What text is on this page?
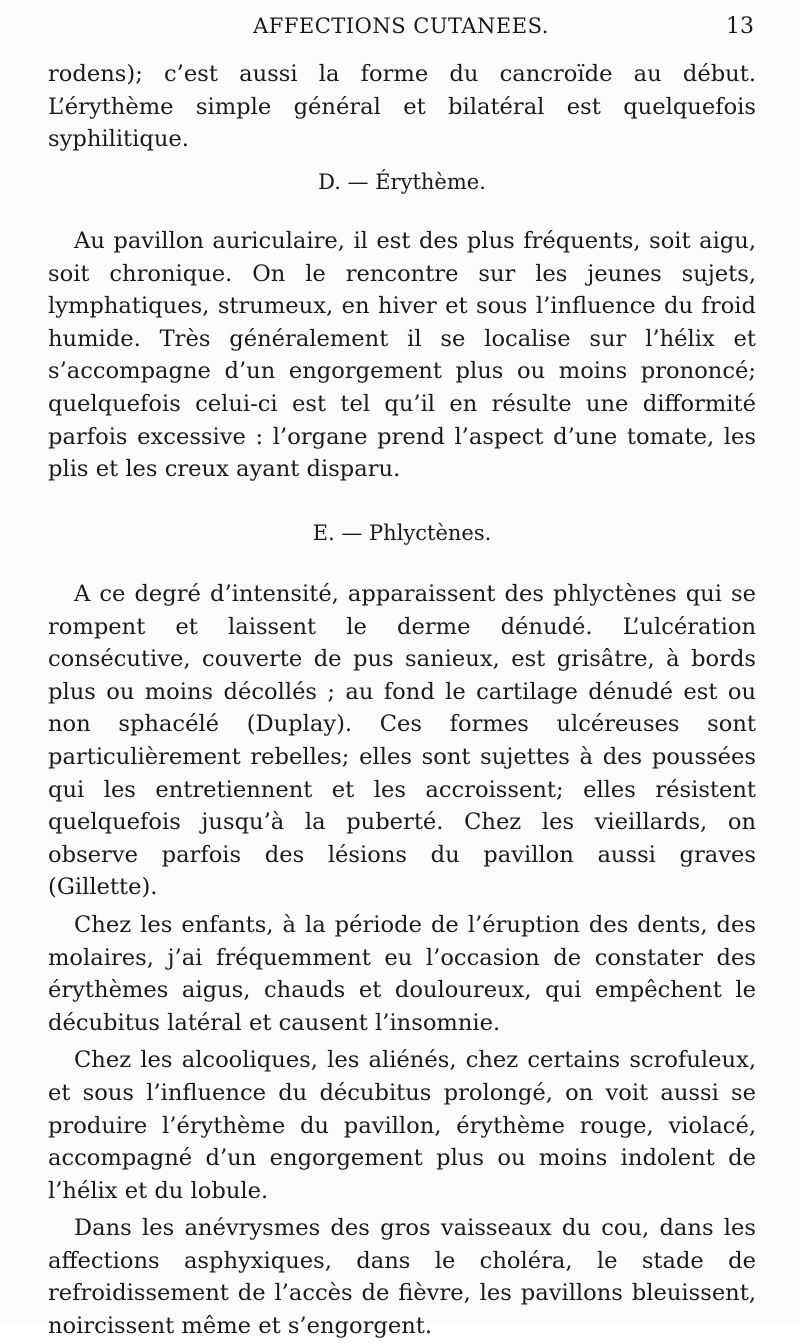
AFFECTIONS CUTANEES.	13

rodens); c’est aussi la forme du cancroïde au début. L’érythème simple général et bilatéral est quelquefois syphilitique.

D. — Érythème.

Au pavillon auriculaire, il est des plus fréquents, soit aigu, soit chronique. On le rencontre sur les jeunes sujets, lymphatiques, strumeux, en hiver et sous l’influence du froid humide. Très généralement il se localise sur l’hélix et s’accompagne d’un engorgement plus ou moins prononcé; quelquefois celui-ci est tel qu’il en résulte une difformité parfois excessive : l’organe prend l’aspect d’une tomate, les plis et les creux ayant disparu.

E. — Phlyctènes.

A ce degré d’intensité, apparaissent des phlyctènes qui se rompent et laissent le derme dénudé. L’ulcération consécutive, couverte de pus sanieux, est grisâtre, à bords plus ou moins décollés ; au fond le cartilage dénudé est ou non sphacélé (Duplay). Ces formes ulcéreuses sont particulièrement rebelles; elles sont sujettes à des poussées qui les entretiennent et les accroissent; elles résistent quelquefois jusqu’à la puberté. Chez les vieillards, on observe parfois des lésions du pavillon aussi graves (Gillette).

Chez les enfants, à la période de l’éruption des dents, des molaires, j’ai fréquemment eu l’occasion de constater des érythèmes aigus, chauds et douloureux, qui empêchent le décubitus latéral et causent l’insomnie.

Chez les alcooliques, les aliénés, chez certains scrofuleux, et sous l’influence du décubitus prolongé, on voit aussi se produire l’érythème du pavillon, érythème rouge, violacé, accompagné d’un engorgement plus ou moins indolent de l’hélix et du lobule.

Dans les anévrysmes des gros vaisseaux du cou, dans les affections asphyxiques, dans le choléra, le stade de refroidissement de l’accès de fièvre, les pavillons bleuissent, noircissent même et s’engorgent.
